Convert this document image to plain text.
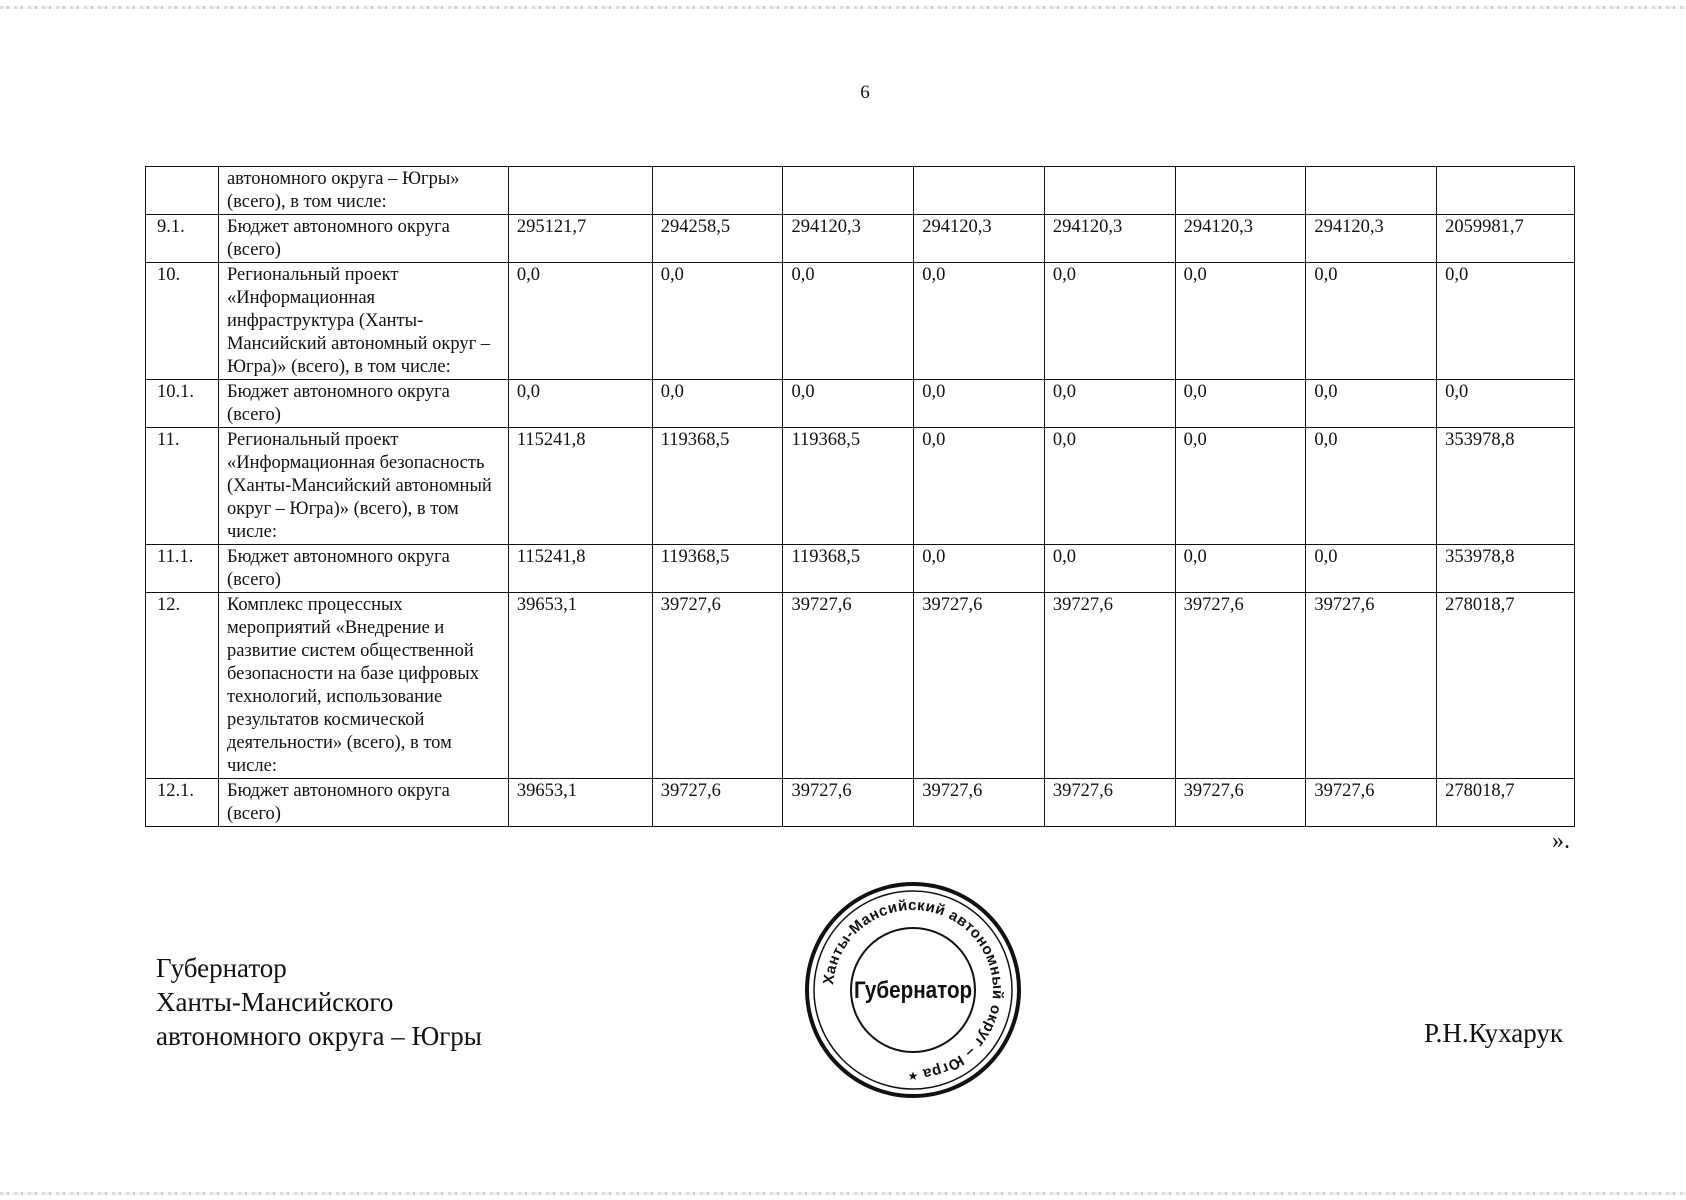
6
	автономного округа – Югры» (всего), в том числе:								
9.1.	Бюджет автономного округа (всего)	295121,7	294258,5	294120,3	294120,3	294120,3	294120,3	294120,3	2059981,7
10.	Региональный проект «Информационная инфраструктура (Ханты-Мансийский автономный округ – Югра)» (всего), в том числе:	0,0	0,0	0,0	0,0	0,0	0,0	0,0	0,0
10.1.	Бюджет автономного округа (всего)	0,0	0,0	0,0	0,0	0,0	0,0	0,0	0,0
11.	Региональный проект «Информационная безопасность (Ханты-Мансийский автономный округ – Югра)» (всего), в том числе:	115241,8	119368,5	119368,5	0,0	0,0	0,0	0,0	353978,8
11.1.	Бюджет автономного округа (всего)	115241,8	119368,5	119368,5	0,0	0,0	0,0	0,0	353978,8
12.	Комплекс процессных мероприятий «Внедрение и развитие систем общественной безопасности на базе цифровых технологий, использование результатов космической деятельности» (всего), в том числе:	39653,1	39727,6	39727,6	39727,6	39727,6	39727,6	39727,6	278018,7
12.1.	Бюджет автономного округа (всего)	39653,1	39727,6	39727,6	39727,6	39727,6	39727,6	39727,6	278018,7
».
Губернатор
Ханты-Мансийского
автономного округа – Югры
Ханты-Мансийский автономный округ – Югра
Губернатор
★
Р.Н.Кухарук
